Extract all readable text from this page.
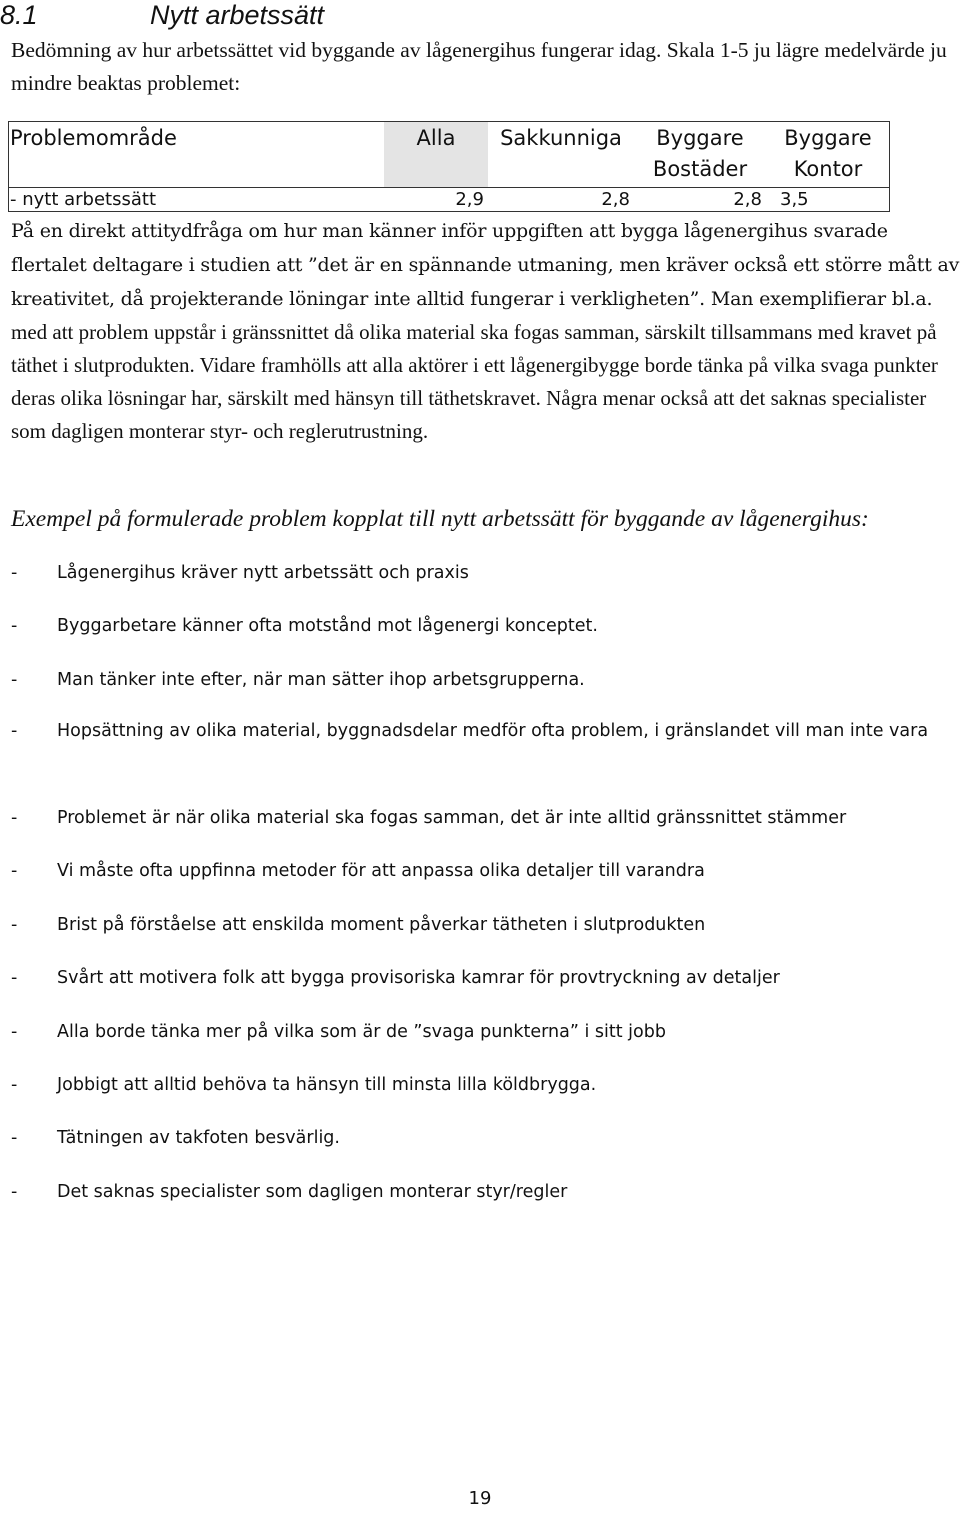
8.1	Nytt arbetssätt
Bedömning av hur arbetssättet vid byggande av lågenergihus fungerar idag. Skala 1-5 ju lägre medelvärde ju mindre beaktas problemet:
Problemområde	Alla	Sakkunniga	Byggare Bostäder	Byggare Kontor
- nytt arbetssätt	2,9	2,8	2,8	3,5
På en direkt attitydfråga om hur man känner inför uppgiften att bygga lågenergihus svarade flertalet deltagare i studien att ”det är en spännande utmaning, men kräver också ett större mått av kreativitet, då projekterande löningar inte alltid fungerar i verkligheten”. Man exemplifierar bl.a. med att problem uppstår i gränssnittet då olika material ska fogas samman, särskilt tillsammans med kravet på täthet i slutprodukten. Vidare framhölls att alla aktörer i ett lågenergibygge borde tänka på vilka svaga punkter deras olika lösningar har, särskilt med hänsyn till täthetskravet. Några menar också att det saknas specialister som dagligen monterar styr- och reglerutrustning.
Exempel på formulerade problem kopplat till nytt arbetssätt för byggande av lågenergihus:
-	Lågenergihus kräver nytt arbetssätt och praxis
-	Byggarbetare känner ofta motstånd mot lågenergi konceptet.
-	Man tänker inte efter, när man sätter ihop arbetsgrupperna.
-	Hopsättning av olika material, byggnadsdelar medför ofta problem, i gränslandet vill man inte vara
-	Problemet är när olika material ska fogas samman, det är inte alltid gränssnittet stämmer
-	Vi måste ofta uppfinna metoder för att anpassa olika detaljer till varandra
-	Brist på förståelse att enskilda moment påverkar tätheten i slutprodukten
-	Svårt att motivera folk att bygga provisoriska kamrar för provtryckning av detaljer
-	Alla borde tänka mer på vilka som är de ”svaga punkterna” i sitt jobb
-	Jobbigt att alltid behöva ta hänsyn till minsta lilla köldbrygga.
-	Tätningen av takfoten besvärlig.
-	Det saknas specialister som dagligen monterar styr/regler
19
